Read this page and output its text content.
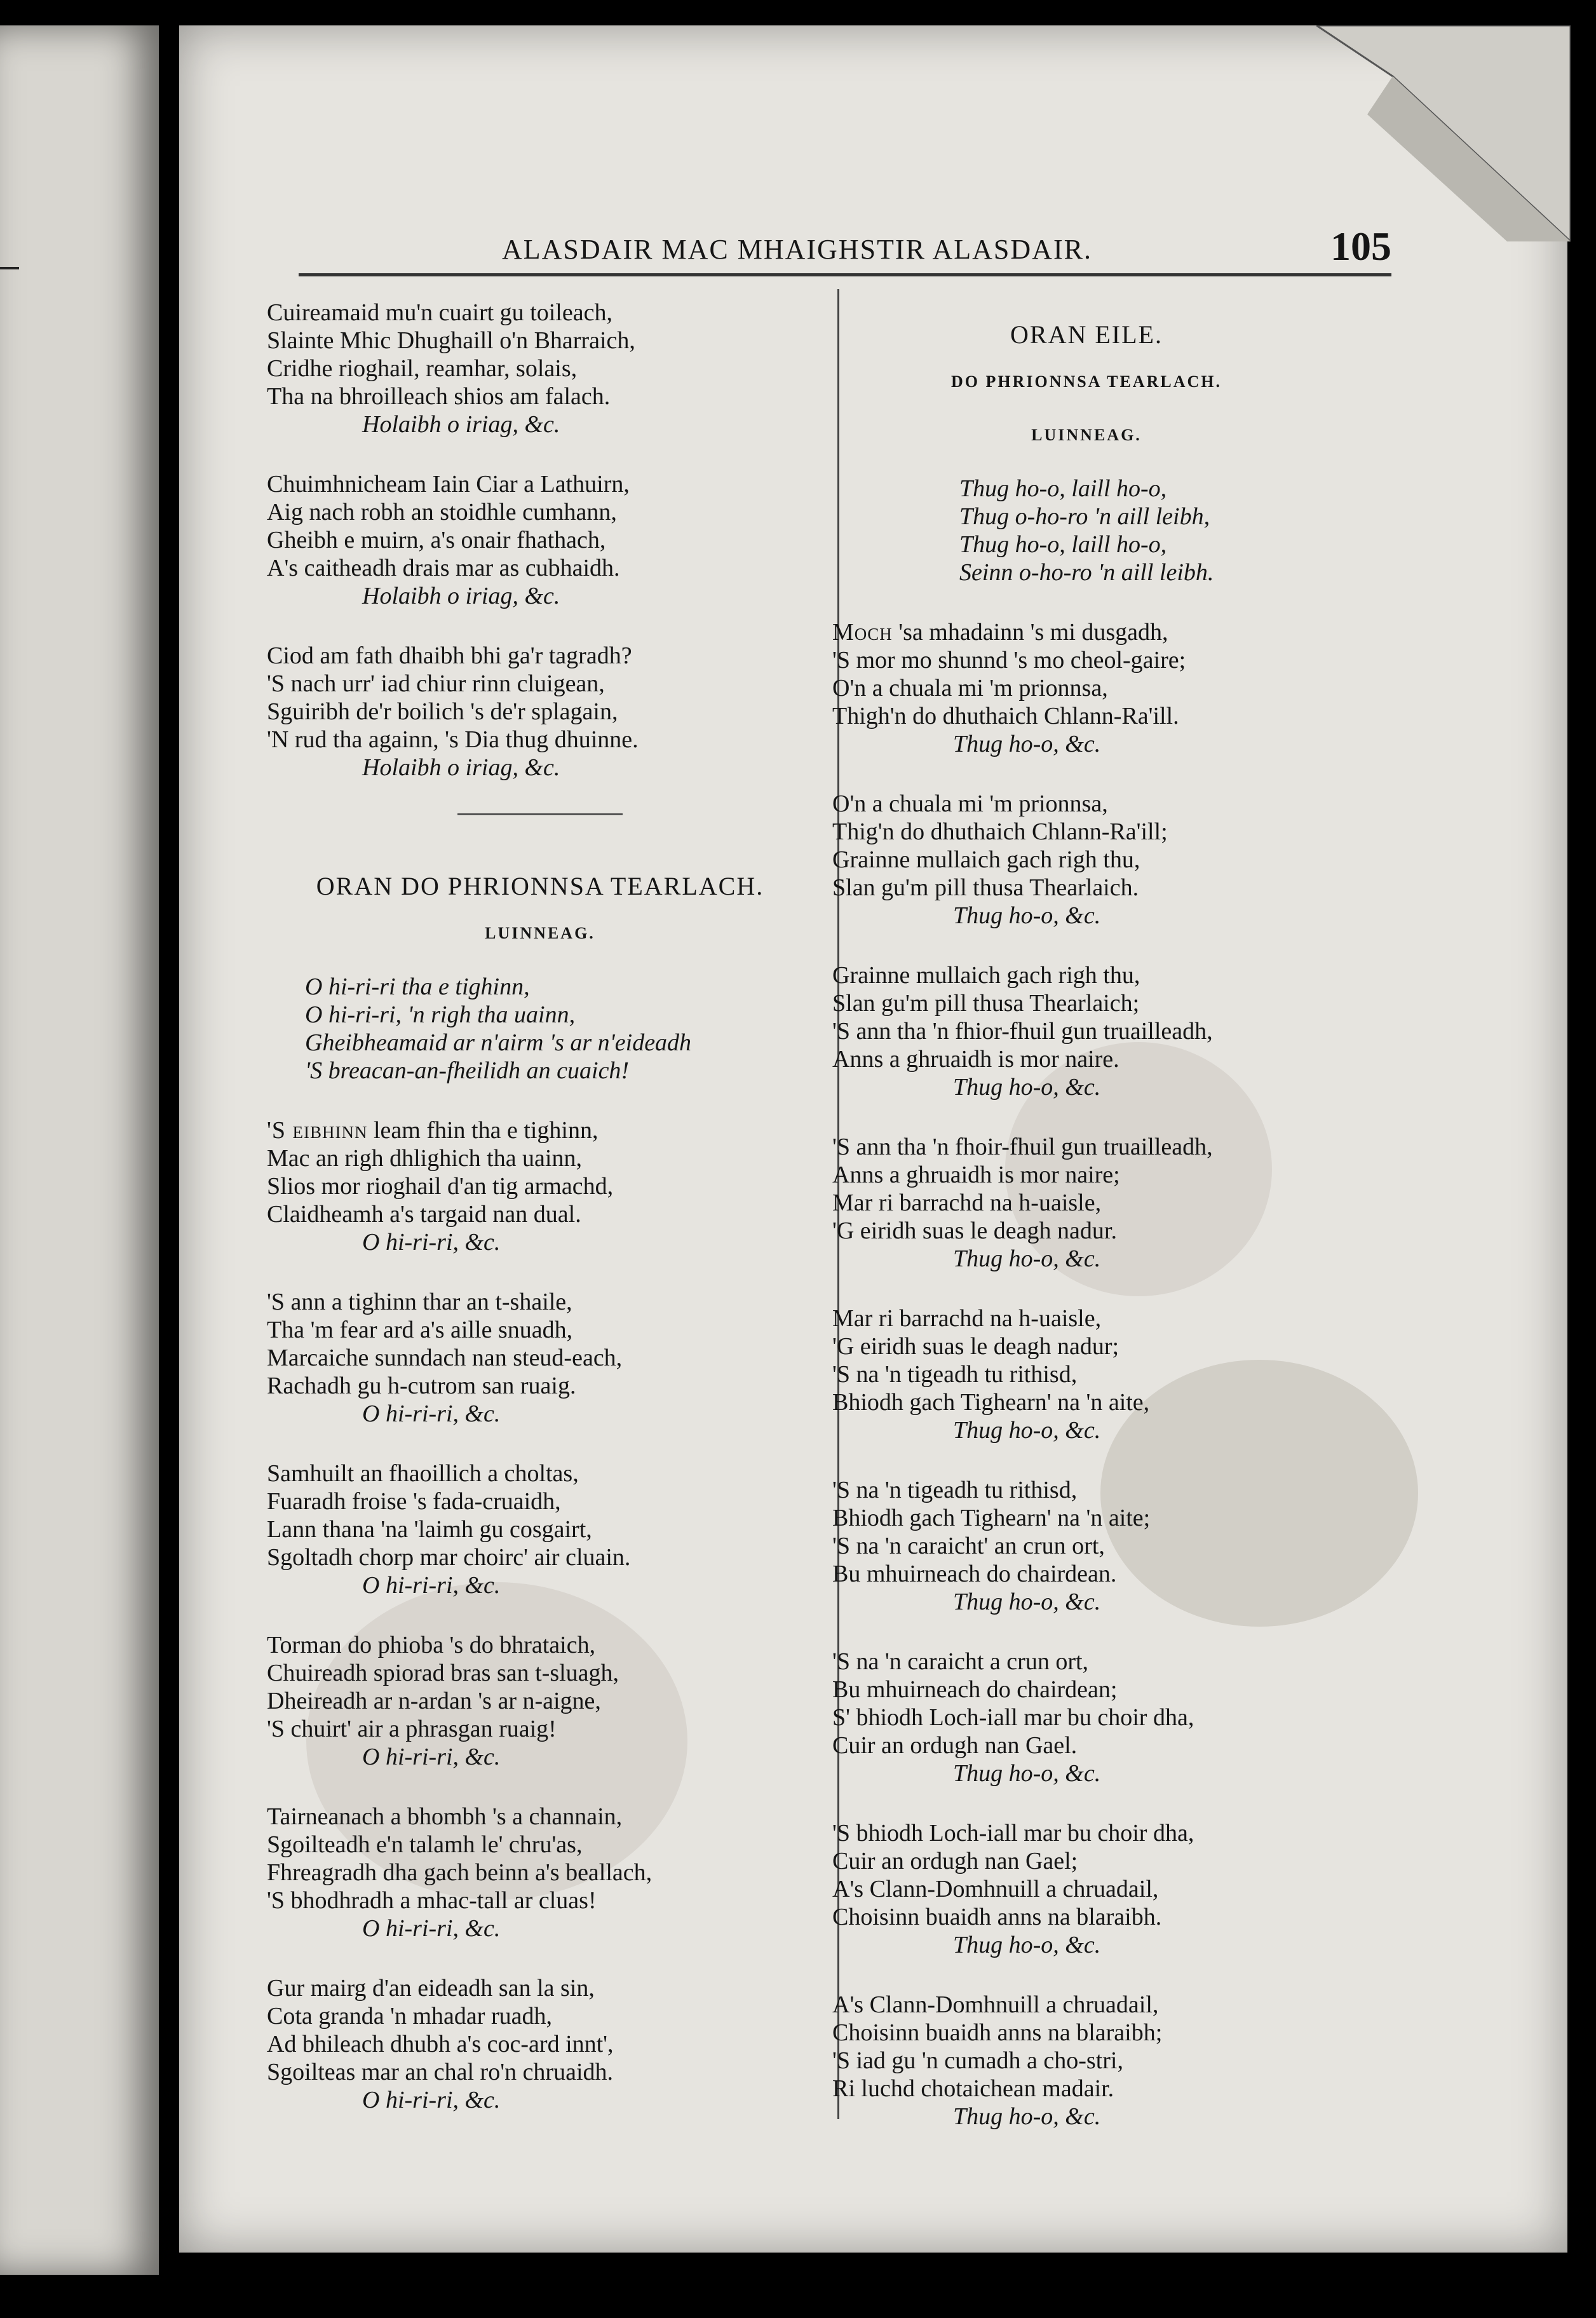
ALASDAIR MAC MHAIGHSTIR ALASDAIR.	105
Cuireamaid mu'n cuairt gu toileach,
Slainte Mhic Dhughaill o'n Bharraich,
Cridhe rioghail, reamhar, solais,
Tha na bhroilleach shios am falach.
Holaibh o iriag, &c.
Chuimhnicheam Iain Ciar a Lathuirn,
Aig nach robh an stoidhle cumhann,
Gheibh e muirn, a's onair fhathach,
A's caitheadh drais mar as cubhaidh.
Holaibh o iriag, &c.
Ciod am fath dhaibh bhi ga'r tagradh?
'S nach urr' iad chiur rinn cluigean,
Sguiribh de'r boilich 's de'r splagain,
'N rud tha againn, 's Dia thug dhuinne.
Holaibh o iriag, &c.
ORAN DO PHRIONNSA TEARLACH.
LUINNEAG.
O hi-ri-ri tha e tighinn,
O hi-ri-ri, 'n righ tha uainn,
Gheibheamaid ar n'airm 's ar n'eideadh
'S breacan-an-fheilidh an cuaich!
'S eibhinn leam fhin tha e tighinn,
Mac an righ dhlighich tha uainn,
Slios mor rioghail d'an tig armachd,
Claidheamh a's targaid nan dual.
O hi-ri-ri, &c.
'S ann a tighinn thar an t-shaile,
Tha 'm fear ard a's aille snuadh,
Marcaiche sunndach nan steud-each,
Rachadh gu h-cutrom san ruaig.
O hi-ri-ri, &c.
Samhuilt an fhaoillich a choltas,
Fuaradh froise 's fada-cruaidh,
Lann thana 'na 'laimh gu cosgairt,
Sgoltadh chorp mar choirc' air cluain.
O hi-ri-ri, &c.
Torman do phioba 's do bhrataich,
Chuireadh spiorad bras san t-sluagh,
Dheireadh ar n-ardan 's ar n-aigne,
'S chuirt' air a phrasgan ruaig!
O hi-ri-ri, &c.
Tairneanach a bhombh 's a channain,
Sgoilteadh e'n talamh le' chru'as,
Fhreagradh dha gach beinn a's beallach,
'S bhodhradh a mhac-tall ar cluas!
O hi-ri-ri, &c.
Gur mairg d'an eideadh san la sin,
Cota granda 'n mhadar ruadh,
Ad bhileach dhubh a's coc-ard innt',
Sgoilteas mar an chal ro'n chruaidh.
O hi-ri-ri, &c.
ORAN EILE.
DO PHRIONNSA TEARLACH.
LUINNEAG.
Thug ho-o, laill ho-o,
Thug o-ho-ro 'n aill leibh,
Thug ho-o, laill ho-o,
Seinn o-ho-ro 'n aill leibh.
Moch 'sa mhadainn 's mi dusgadh,
'S mor mo shunnd 's mo cheol-gaire;
O'n a chuala mi 'm prionnsa,
Thigh'n do dhuthaich Chlann-Ra'ill.
Thug ho-o, &c.
O'n a chuala mi 'm prionnsa,
Thig'n do dhuthaich Chlann-Ra'ill;
Grainne mullaich gach righ thu,
Slan gu'm pill thusa Thearlaich.
Thug ho-o, &c.
Grainne mullaich gach righ thu,
Slan gu'm pill thusa Thearlaich;
'S ann tha 'n fhior-fhuil gun truailleadh,
Anns a ghruaidh is mor naire.
Thug ho-o, &c.
'S ann tha 'n fhoir-fhuil gun truailleadh,
Anns a ghruaidh is mor naire;
Mar ri barrachd na h-uaisle,
'G eiridh suas le deagh nadur.
Thug ho-o, &c.
Mar ri barrachd na h-uaisle,
'G eiridh suas le deagh nadur;
'S na 'n tigeadh tu rithisd,
Bhiodh gach Tighearn' na 'n aite,
Thug ho-o, &c.
'S na 'n tigeadh tu rithisd,
Bhiodh gach Tighearn' na 'n aite;
'S na 'n caraicht' an crun ort,
Bu mhuirneach do chairdean.
Thug ho-o, &c.
'S na 'n caraicht a crun ort,
Bu mhuirneach do chairdean;
S' bhiodh Loch-iall mar bu choir dha,
Cuir an ordugh nan Gael.
Thug ho-o, &c.
'S bhiodh Loch-iall mar bu choir dha,
Cuir an ordugh nan Gael;
A's Clann-Domhnuill a chruadail,
Choisinn buaidh anns na blaraibh.
Thug ho-o, &c.
A's Clann-Domhnuill a chruadail,
Choisinn buaidh anns na blaraibh;
'S iad gu 'n cumadh a cho-stri,
Ri luchd chotaichean madair.
Thug ho-o, &c.
